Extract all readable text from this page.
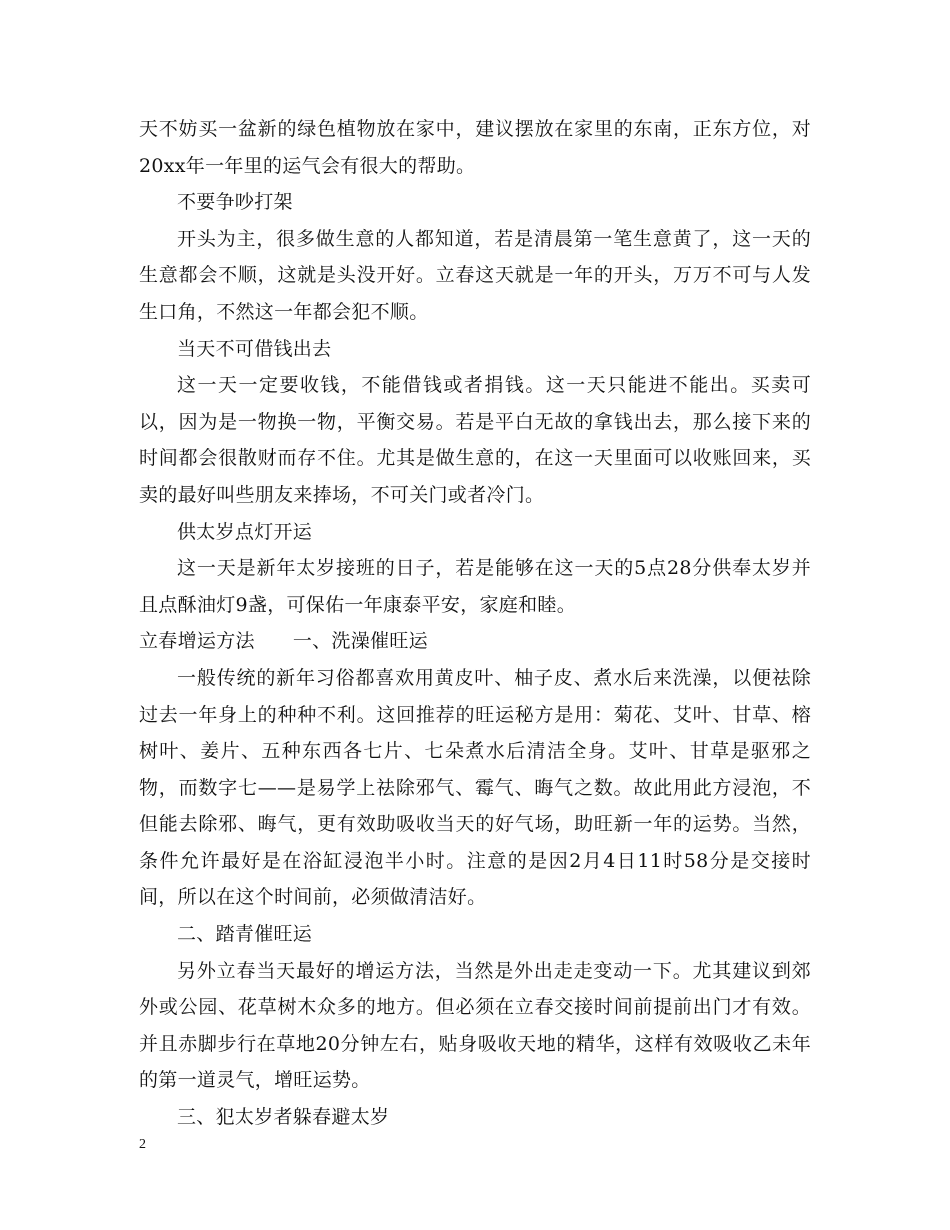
天不妨买一盆新的绿色植物放在家中，建议摆放在家里的东南，正东方位，对20xx年一年里的运气会有很大的帮助。

不要争吵打架

开头为主，很多做生意的人都知道，若是清晨第一笔生意黄了，这一天的生意都会不顺，这就是头没开好。立春这天就是一年的开头，万万不可与人发生口角，不然这一年都会犯不顺。

当天不可借钱出去

这一天一定要收钱，不能借钱或者捐钱。这一天只能进不能出。买卖可以，因为是一物换一物，平衡交易。若是平白无故的拿钱出去，那么接下来的时间都会很散财而存不住。尤其是做生意的，在这一天里面可以收账回来，买卖的最好叫些朋友来捧场，不可关门或者冷门。

供太岁点灯开运

这一天是新年太岁接班的日子，若是能够在这一天的5点28分供奉太岁并且点酥油灯9盏，可保佑一年康泰平安，家庭和睦。

立春增运方法 一、洗澡催旺运

一般传统的新年习俗都喜欢用黄皮叶、柚子皮、煮水后来洗澡，以便祛除过去一年身上的种种不利。这回推荐的旺运秘方是用：菊花、艾叶、甘草、榕树叶、姜片、五种东西各七片、七朵煮水后清洁全身。艾叶、甘草是驱邪之物，而数字七——是易学上祛除邪气、霉气、晦气之数。故此用此方浸泡，不但能去除邪、晦气，更有效助吸收当天的好气场，助旺新一年的运势。当然，条件允许最好是在浴缸浸泡半小时。注意的是因2月4日11时58分是交接时间，所以在这个时间前，必须做清洁好。

二、踏青催旺运

另外立春当天最好的增运方法，当然是外出走走变动一下。尤其建议到郊外或公园、花草树木众多的地方。但必须在立春交接时间前提前出门才有效。并且赤脚步行在草地20分钟左右，贴身吸收天地的精华，这样有效吸收乙未年的第一道灵气，增旺运势。

三、犯太岁者躲春避太岁

2
